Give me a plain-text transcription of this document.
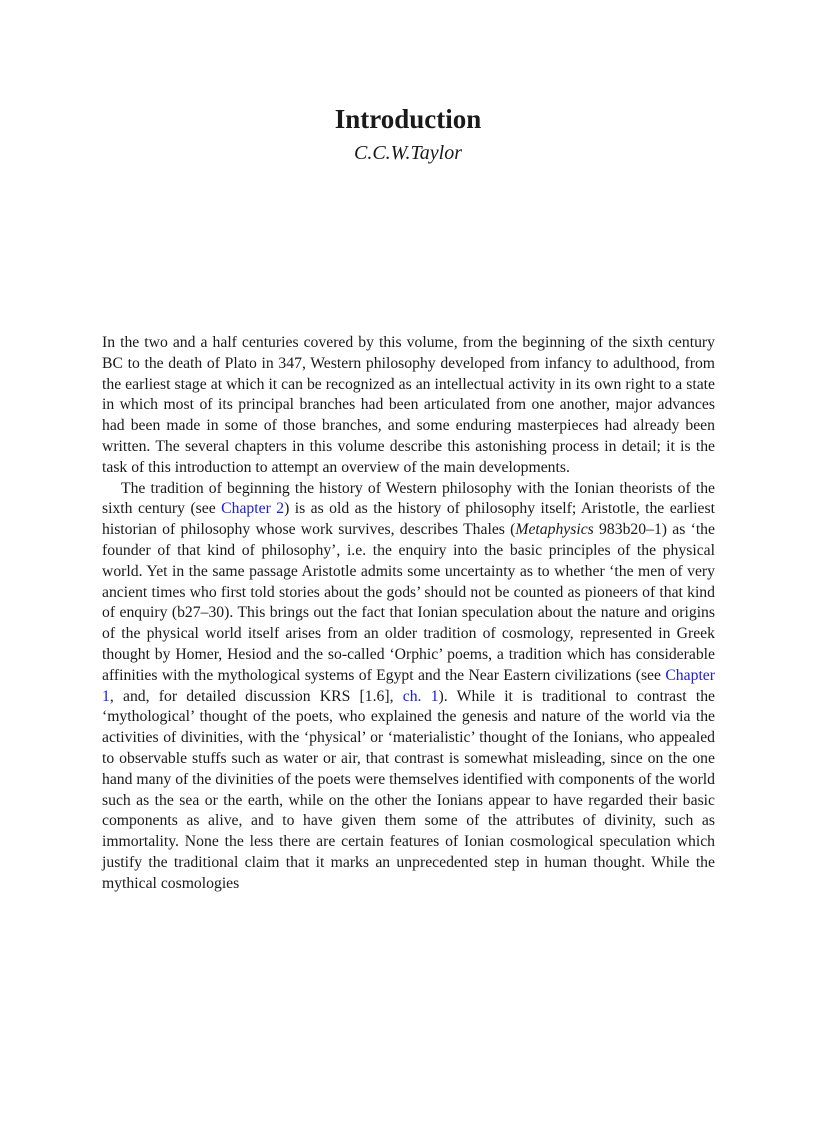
Introduction
C.C.W.Taylor

In the two and a half centuries covered by this volume, from the beginning of the sixth century BC to the death of Plato in 347, Western philosophy developed from infancy to adulthood, from the earliest stage at which it can be recognized as an intellectual activity in its own right to a state in which most of its principal branches had been articulated from one another, major advances had been made in some of those branches, and some enduring masterpieces had already been written. The several chapters in this volume describe this astonishing process in detail; it is the task of this introduction to attempt an overview of the main developments.

The tradition of beginning the history of Western philosophy with the Ionian theorists of the sixth century (see Chapter 2) is as old as the history of philosophy itself; Aristotle, the earliest historian of philosophy whose work survives, describes Thales (Metaphysics 983b20–1) as ‘the founder of that kind of philosophy’, i.e. the enquiry into the basic principles of the physical world. Yet in the same passage Aristotle admits some uncertainty as to whether ‘the men of very ancient times who first told stories about the gods’ should not be counted as pioneers of that kind of enquiry (b27–30). This brings out the fact that Ionian speculation about the nature and origins of the physical world itself arises from an older tradition of cosmology, represented in Greek thought by Homer, Hesiod and the so-called ‘Orphic’ poems, a tradition which has considerable affinities with the mythological systems of Egypt and the Near Eastern civilizations (see Chapter 1, and, for detailed discussion KRS [1.6], ch. 1). While it is traditional to contrast the ‘mythological’ thought of the poets, who explained the genesis and nature of the world via the activities of divinities, with the ‘physical’ or ‘materialistic’ thought of the Ionians, who appealed to observable stuffs such as water or air, that contrast is somewhat misleading, since on the one hand many of the divinities of the poets were themselves identified with components of the world such as the sea or the earth, while on the other the Ionians appear to have regarded their basic components as alive, and to have given them some of the attributes of divinity, such as immortality. None the less there are certain features of Ionian cosmological speculation which justify the traditional claim that it marks an unprecedented step in human thought. While the mythical cosmologies
